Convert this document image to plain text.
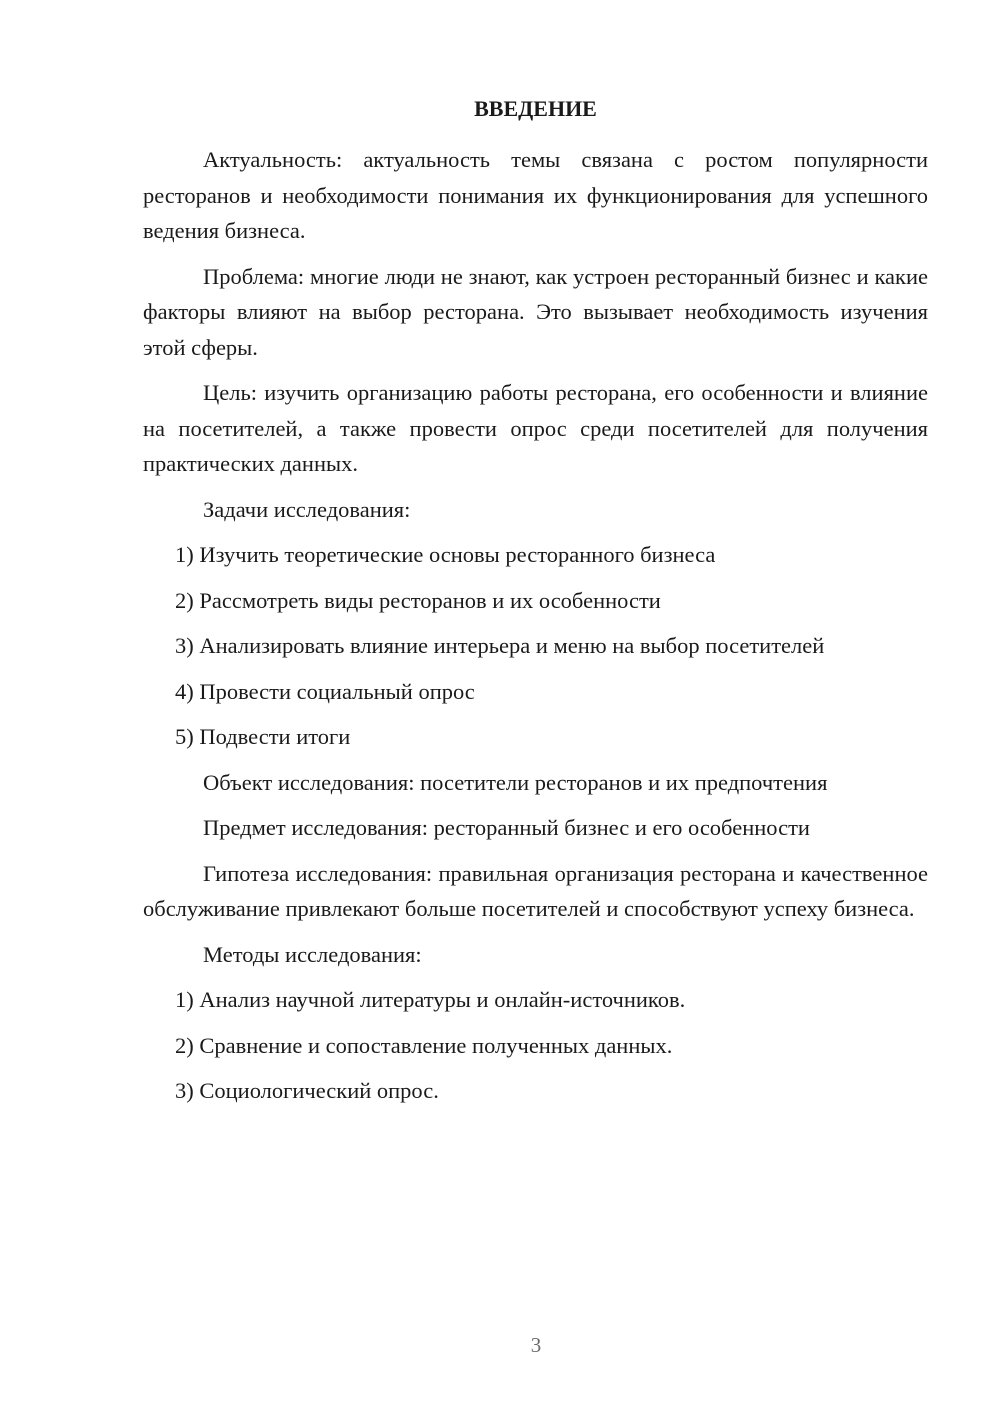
ВВЕДЕНИЕ

Актуальность: актуальность темы связана с ростом популярности ресторанов и необходимости понимания их функционирования для успешного ведения бизнеса.

Проблема: многие люди не знают, как устроен ресторанный бизнес и какие факторы влияют на выбор ресторана. Это вызывает необходимость изучения этой сферы.

Цель: изучить организацию работы ресторана, его особенности и влияние на посетителей, а также провести опрос среди посетителей для получения практических данных.

Задачи исследования:

1) Изучить теоретические основы ресторанного бизнеса

2) Рассмотреть виды ресторанов и их особенности

3) Анализировать влияние интерьера и меню на выбор посетителей

4) Провести социальный опрос

5) Подвести итоги

Объект исследования: посетители ресторанов и их предпочтения

Предмет исследования: ресторанный бизнес и его особенности

Гипотеза исследования: правильная организация ресторана и качественное обслуживание привлекают больше посетителей и способствуют успеху бизнеса.

Методы исследования:

1) Анализ научной литературы и онлайн-источников.

2) Сравнение и сопоставление полученных данных.

3) Социологический опрос.

3
